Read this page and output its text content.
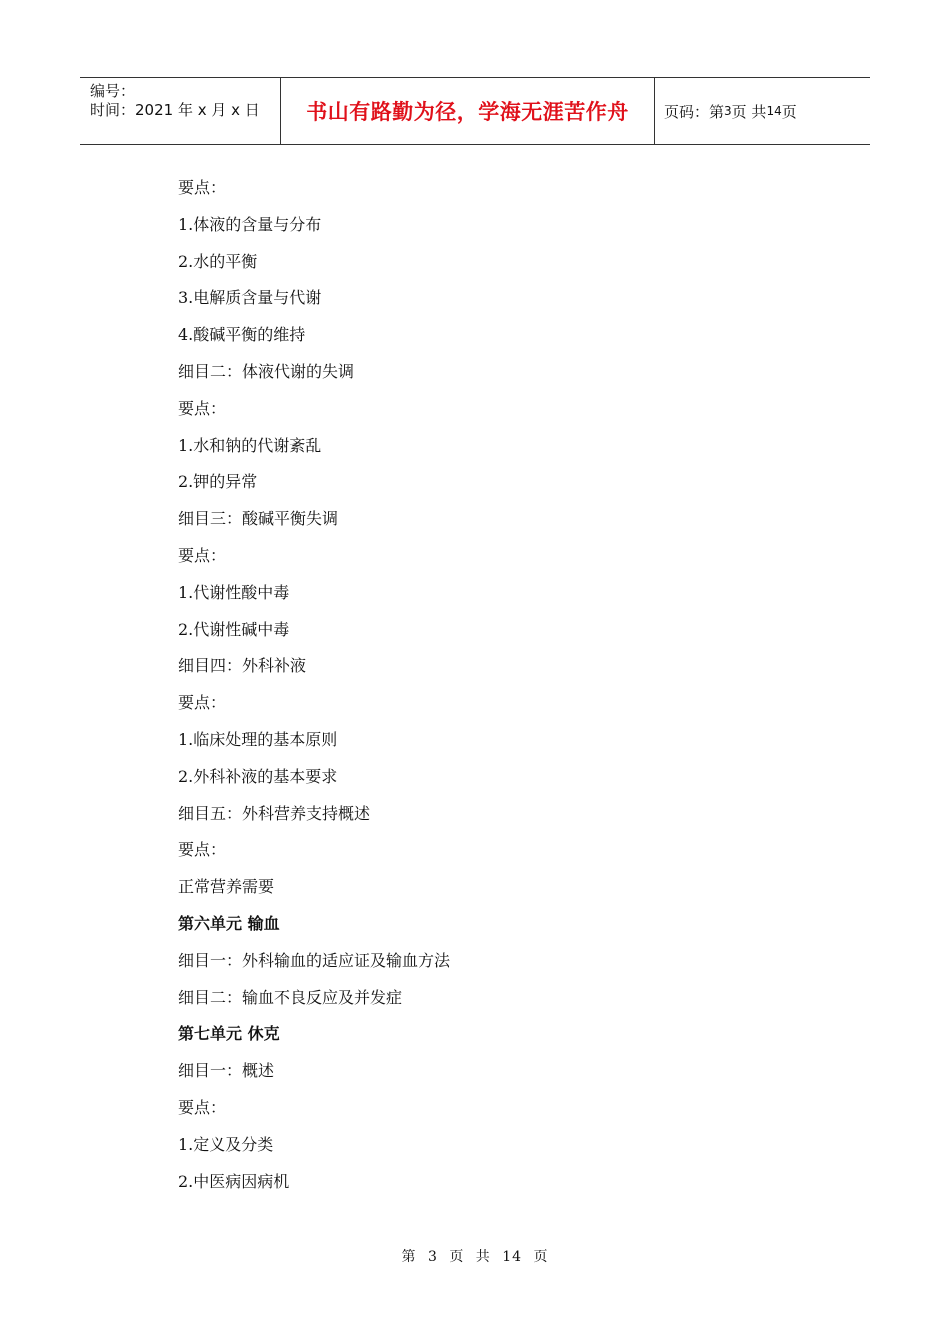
编号：
时间：2021 年 x 月 x 日	书山有路勤为径，学海无涯苦作舟 页码：第 3 页 共 14 页
要点：
1.体液的含量与分布
2.水的平衡
3.电解质含量与代谢
4.酸碱平衡的维持
细目二：体液代谢的失调
要点：
1.水和钠的代谢紊乱
2.钾的异常
细目三：酸碱平衡失调
要点：
1.代谢性酸中毒
2.代谢性碱中毒
细目四：外科补液
要点：
1.临床处理的基本原则
2.外科补液的基本要求
细目五：外科营养支持概述
要点：
正常营养需要
第六单元 输血
细目一：外科输血的适应证及输血方法
细目二：输血不良反应及并发症
第七单元 休克
细目一：概述
要点：
1.定义及分类
2.中医病因病机
第 3 页 共 14 页
